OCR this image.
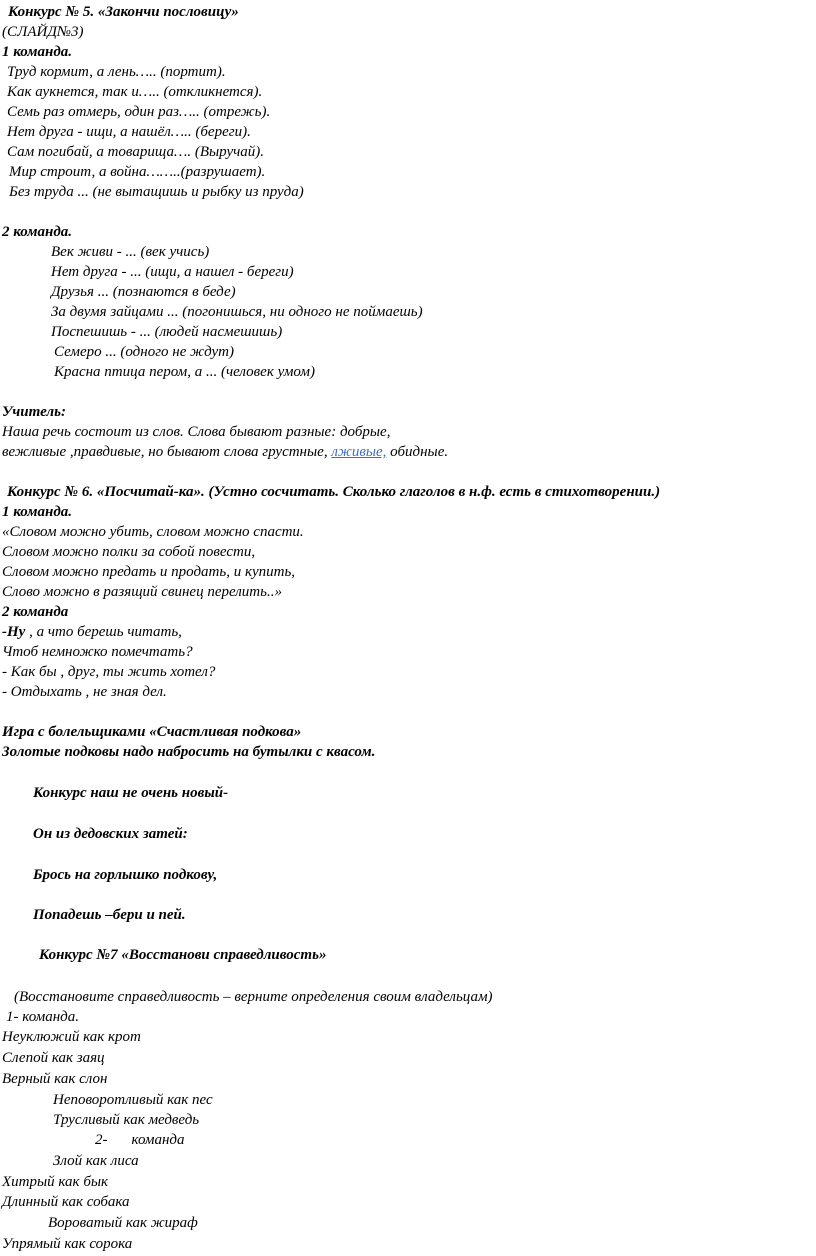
Конкурс № 5. «Закончи пословицу»
(СЛАЙД№3)
1 команда.
Труд кормит, а лень….. (портит).
Как аукнется, так и….. (откликнется).
Семь раз отмерь, один раз….. (отрежь).
Нет друга - ищи, а нашёл….. (береги).
Сам погибай, а товарища…. (Выручай).
Мир строит, а война……..(разрушает).
Без труда ... (не вытащишь и рыбку из пруда)
2 команда.
Век живи - ... (век учись)
Нет друга - ... (ищи, а нашел - береги)
Друзья ... (познаются в беде)
За двумя зайцами ... (погонишься, ни одного не поймаешь)
Поспешишь - ... (людей насмешишь)
Семеро ... (одного не ждут)
Красна птица пером, а ... (человек умом)
Учитель:
Наша речь состоит из слов. Слова бывают разные: добрые,
вежливые ,правдивые, но бывают слова грустные, лживые, обидные.
Конкурс № 6. «Посчитай-ка». (Устно сосчитать. Сколько глаголов в н.ф. есть в стихотворении.)
1 команда.
«Словом можно убить, словом можно спасти.
Словом можно полки за собой повести,
Словом можно предать и продать, и купить,
Слово можно в разящий свинец перелить..»
2 команда
-Ну , а что берешь читать,
Чтоб немножко помечтать?
- Как бы , друг, ты жить хотел?
- Отдыхать , не зная дел.
Игра с болельщиками «Счастливая подкова»
Золотые подковы надо набросить на бутылки с квасом.
Конкурс наш не очень новый-
Он из дедовских затей:
Брось на горлышко подкову,
Попадешь –бери и пей.
Конкурс №7 «Восстанови справедливость»
(Восстановите справедливость – верните определения своим владельцам)
1- команда.
Неуклюжий как крот
Слепой как заяц
Верный как слон
Неповоротливый как пес
Трусливый как медведь
2- команда
Злой как лиса
Хитрый как бык
Длинный как собака
Вороватый как жираф
Упрямый как сорока
